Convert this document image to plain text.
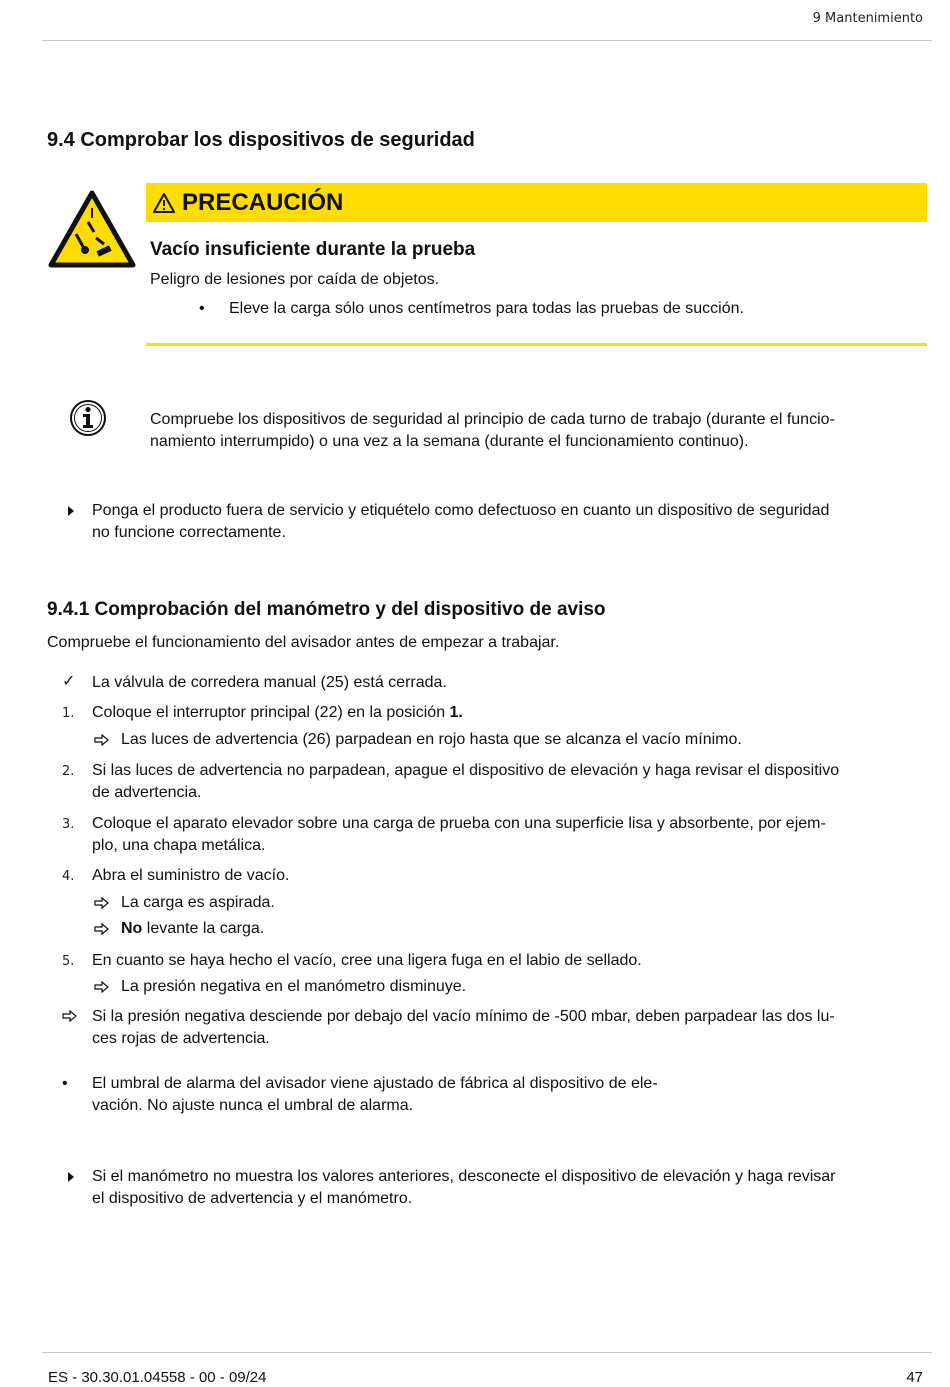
9 Mantenimiento
9.4 Comprobar los dispositivos de seguridad
PRECAUCIÓN
Vacío insuficiente durante la prueba
Peligro de lesiones por caída de objetos.
• Eleve la carga sólo unos centímetros para todas las pruebas de succión.
Compruebe los dispositivos de seguridad al principio de cada turno de trabajo (durante el funcio-
namiento interrumpido) o una vez a la semana (durante el funcionamiento continuo).
Ponga el producto fuera de servicio y etiquételo como defectuoso en cuanto un dispositivo de seguridad
no funcione correctamente.
9.4.1 Comprobación del manómetro y del dispositivo de aviso
Compruebe el funcionamiento del avisador antes de empezar a trabajar.
✓ La válvula de corredera manual (25) está cerrada.
1. Coloque el interruptor principal (22) en la posición 1.
Las luces de advertencia (26) parpadean en rojo hasta que se alcanza el vacío mínimo.
2. Si las luces de advertencia no parpadean, apague el dispositivo de elevación y haga revisar el dispositivo
de advertencia.
3. Coloque el aparato elevador sobre una carga de prueba con una superficie lisa y absorbente, por ejem-
plo, una chapa metálica.
4. Abra el suministro de vacío.
La carga es aspirada.
No levante la carga.
5. En cuanto se haya hecho el vacío, cree una ligera fuga en el labio de sellado.
La presión negativa en el manómetro disminuye.
Si la presión negativa desciende por debajo del vacío mínimo de -500 mbar, deben parpadear las dos lu-
ces rojas de advertencia.
• El umbral de alarma del avisador viene ajustado de fábrica al dispositivo de ele-
vación. No ajuste nunca el umbral de alarma.
Si el manómetro no muestra los valores anteriores, desconecte el dispositivo de elevación y haga revisar
el dispositivo de advertencia y el manómetro.
ES - 30.30.01.04558 - 00 - 09/24	47
